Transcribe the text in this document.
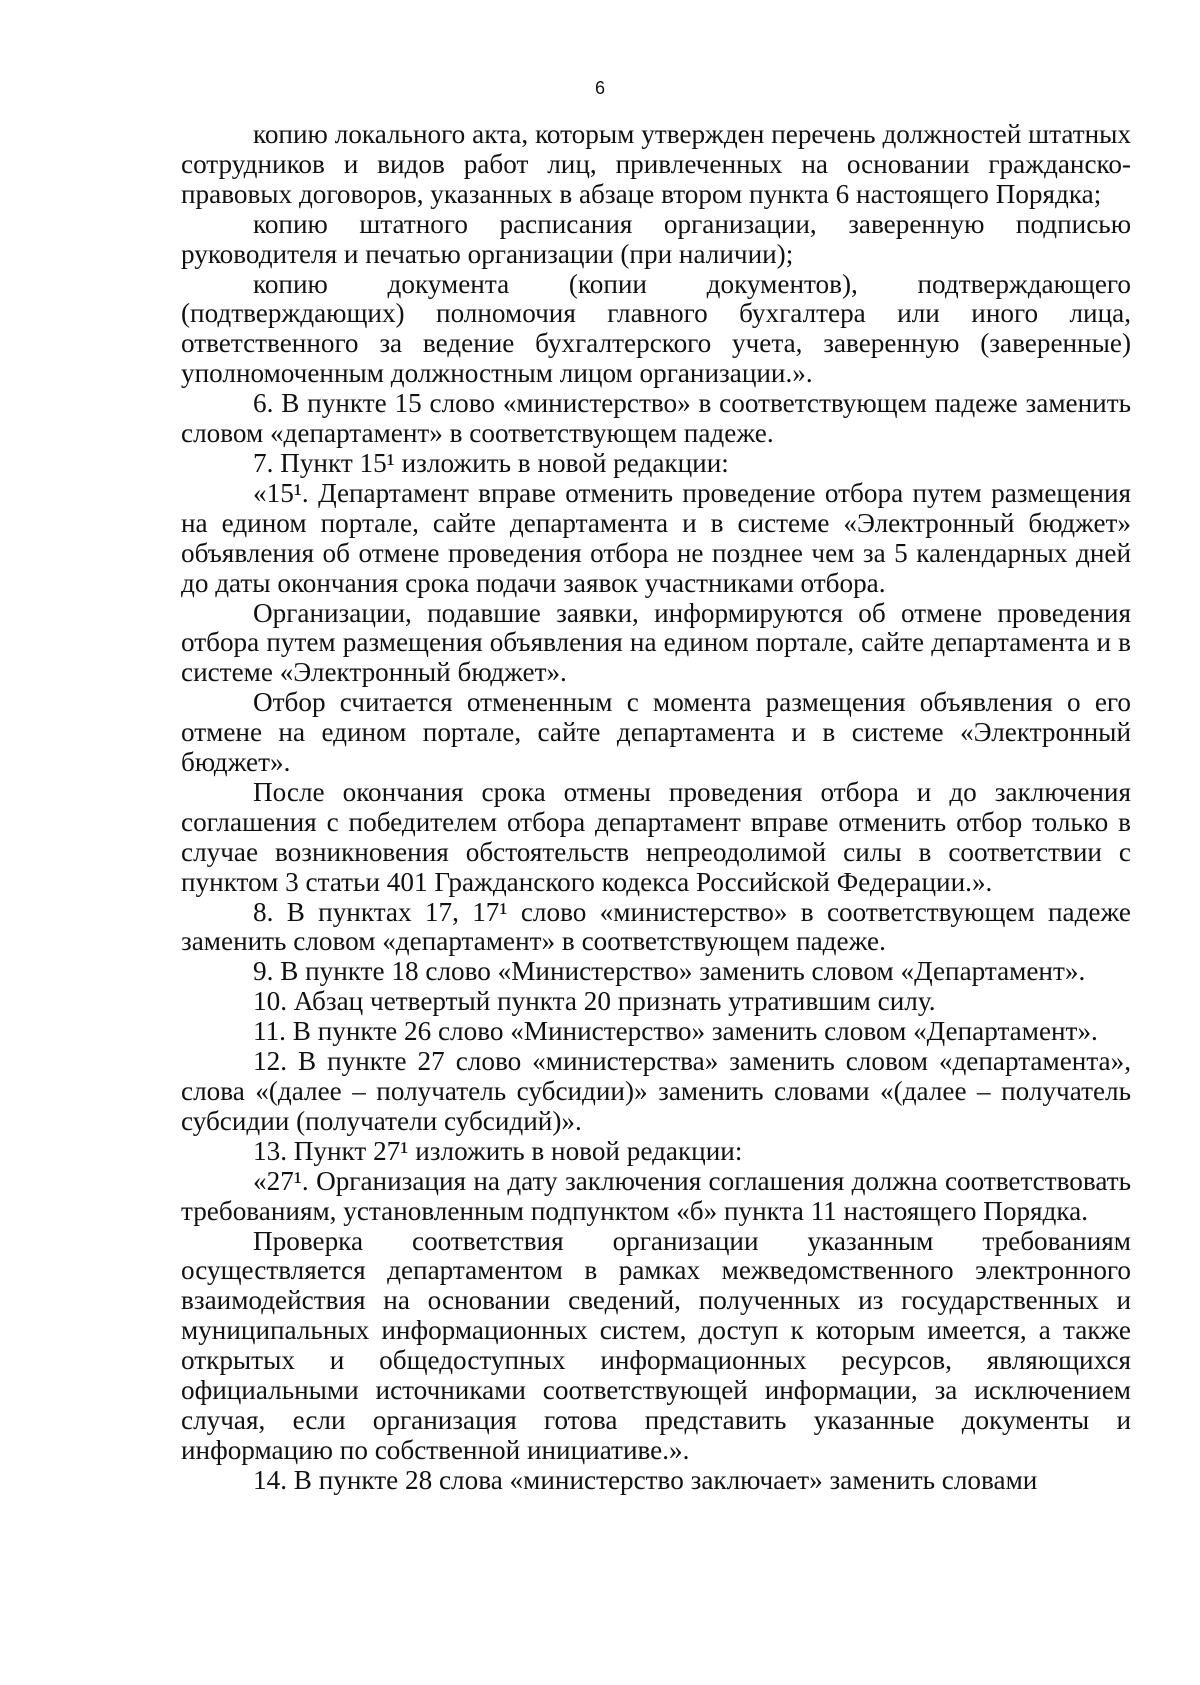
6

копию локального акта, которым утвержден перечень должностей штатных сотрудников и видов работ лиц, привлеченных на основании гражданско-правовых договоров, указанных в абзаце втором пункта 6 настоящего Порядка;

копию штатного расписания организации, заверенную подписью руководителя и печатью организации (при наличии);

копию документа (копии документов), подтверждающего (подтверждающих) полномочия главного бухгалтера или иного лица, ответственного за ведение бухгалтерского учета, заверенную (заверенные) уполномоченным должностным лицом организации.».

6. В пункте 15 слово «министерство» в соответствующем падеже заменить словом «департамент» в соответствующем падеже.

7. Пункт 15¹ изложить в новой редакции:

«15¹. Департамент вправе отменить проведение отбора путем размещения на едином портале, сайте департамента и в системе «Электронный бюджет» объявления об отмене проведения отбора не позднее чем за 5 календарных дней до даты окончания срока подачи заявок участниками отбора.

Организации, подавшие заявки, информируются об отмене проведения отбора путем размещения объявления на едином портале, сайте департамента и в системе «Электронный бюджет».

Отбор считается отмененным с момента размещения объявления о его отмене на едином портале, сайте департамента и в системе «Электронный бюджет».

После окончания срока отмены проведения отбора и до заключения соглашения с победителем отбора департамент вправе отменить отбор только в случае возникновения обстоятельств непреодолимой силы в соответствии с пунктом 3 статьи 401 Гражданского кодекса Российской Федерации.».

8. В пунктах 17, 17¹ слово «министерство» в соответствующем падеже заменить словом «департамент» в соответствующем падеже.

9. В пункте 18 слово «Министерство» заменить словом «Департамент».

10. Абзац четвертый пункта 20 признать утратившим силу.

11. В пункте 26 слово «Министерство» заменить словом «Департамент».

12. В пункте 27 слово «министерства» заменить словом «департамента», слова «(далее – получатель субсидии)» заменить словами «(далее – получатель субсидии (получатели субсидий)».

13. Пункт 27¹ изложить в новой редакции:

«27¹. Организация на дату заключения соглашения должна соответствовать требованиям, установленным подпунктом «б» пункта 11 настоящего Порядка.

Проверка соответствия организации указанным требованиям осуществляется департаментом в рамках межведомственного электронного взаимодействия на основании сведений, полученных из государственных и муниципальных информационных систем, доступ к которым имеется, а также открытых и общедоступных информационных ресурсов, являющихся официальными источниками соответствующей информации, за исключением случая, если организация готова представить указанные документы и информацию по собственной инициативе.».

14. В пункте 28 слова «министерство заключает» заменить словами
